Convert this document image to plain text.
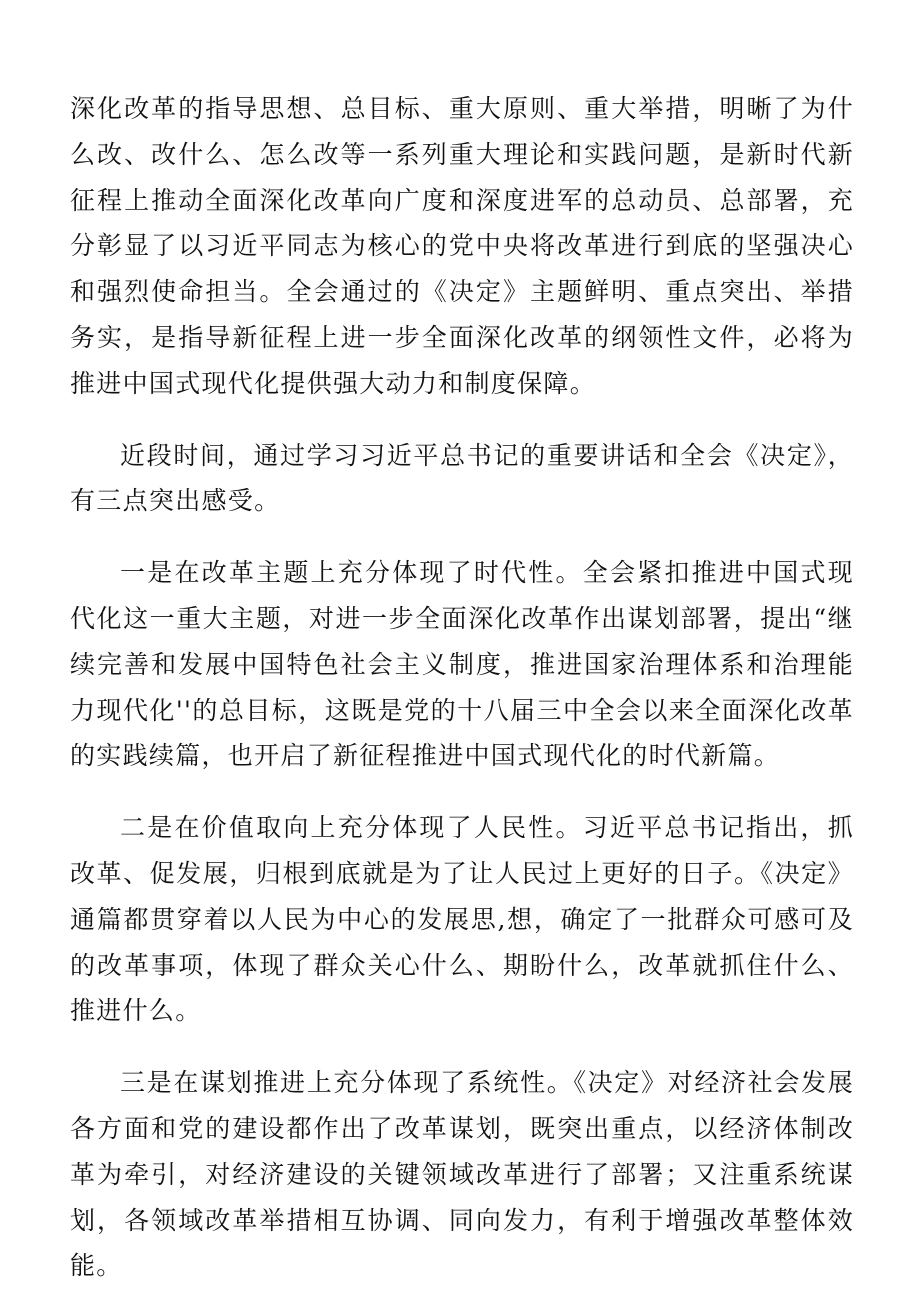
深化改革的指导思想、总目标、重大原则、重大举措，明晰了为什么改、改什么、怎么改等一系列重大理论和实践问题，是新时代新征程上推动全面深化改革向广度和深度进军的总动员、总部署，充分彰显了以习近平同志为核心的党中央将改革进行到底的坚强决心和强烈使命担当。全会通过的《决定》主题鲜明、重点突出、举措务实，是指导新征程上进一步全面深化改革的纲领性文件，必将为推进中国式现代化提供强大动力和制度保障。

近段时间，通过学习习近平总书记的重要讲话和全会《决定》，有三点突出感受。

一是在改革主题上充分体现了时代性。全会紧扣推进中国式现代化这一重大主题，对进一步全面深化改革作出谋划部署，提出“继续完善和发展中国特色社会主义制度，推进国家治理体系和治理能力现代化''的总目标，这既是党的十八届三中全会以来全面深化改革的实践续篇，也开启了新征程推进中国式现代化的时代新篇。

二是在价值取向上充分体现了人民性。习近平总书记指出，抓改革、促发展，归根到底就是为了让人民过上更好的日子。《决定》通篇都贯穿着以人民为中心的发展思,想，确定了一批群众可感可及的改革事项，体现了群众关心什么、期盼什么，改革就抓住什么、推进什么。

三是在谋划推进上充分体现了系统性。《决定》对经济社会发展各方面和党的建设都作出了改革谋划，既突出重点，以经济体制改革为牵引，对经济建设的关键领域改革进行了部署；又注重系统谋划，各领域改革举措相互协调、同向发力，有利于增强改革整体效能。
